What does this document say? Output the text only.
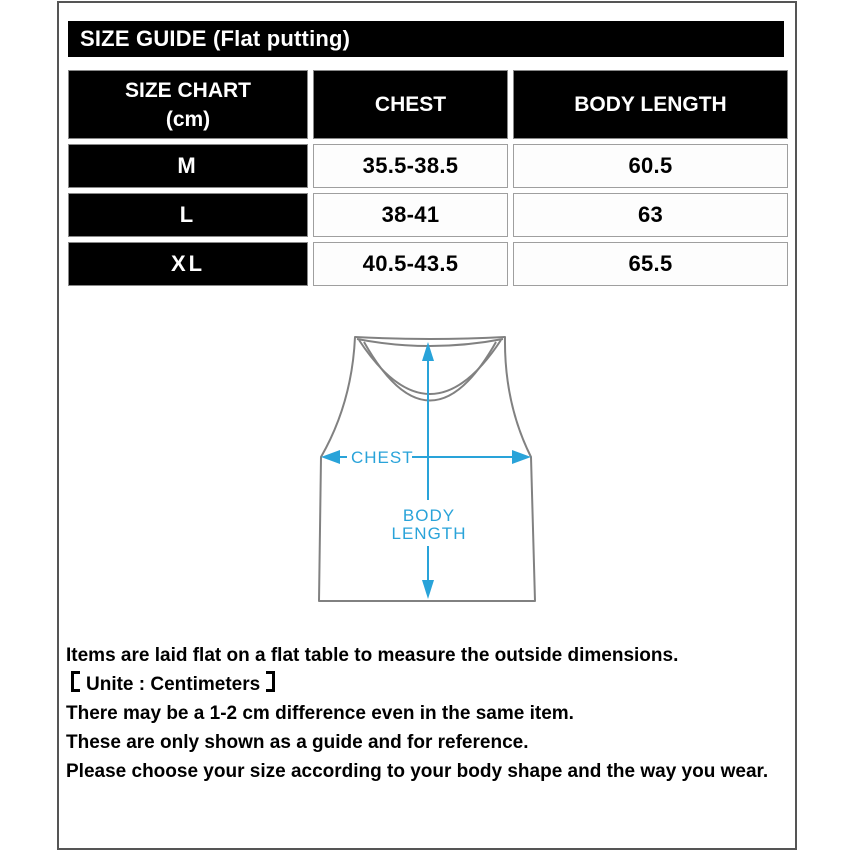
SIZE GUIDE (Flat putting)
SIZE CHART
(cm)	CHEST	BODY LENGTH
M	35.5-38.5	60.5
L	38-41	63
XL	40.5-43.5	65.5
CHEST
BODY
LENGTH

Items are laid flat on a flat table to measure the outside dimensions.

Unite : Centimeters

There may be a 1-2 cm difference even in the same item.

These are only shown as a guide and for reference.

Please choose your size according to your body shape and the way you wear.
